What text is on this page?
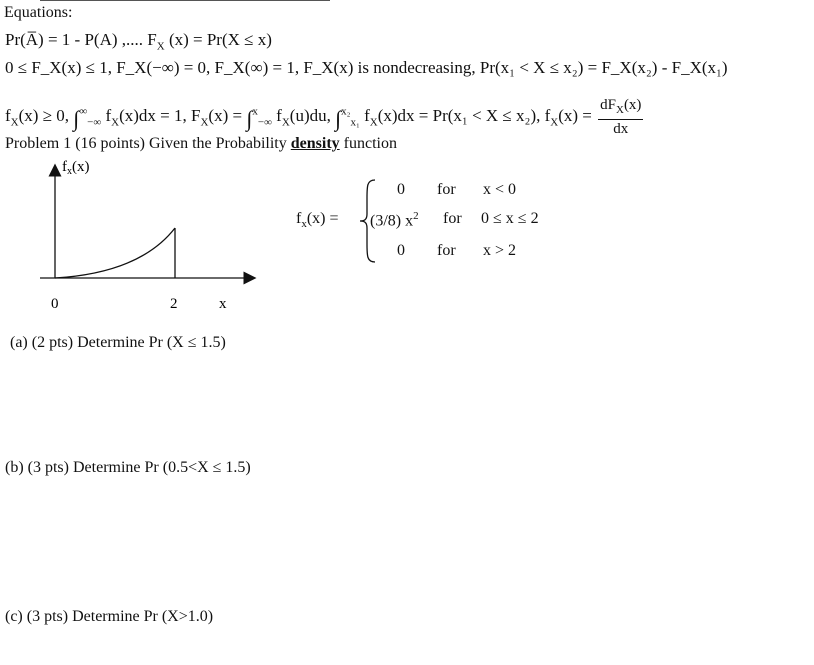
Equations:
Pr(A̅) = 1 - P(A) ,.... $F_X$ (x) = Pr(X ≤ x)
0 ≤ F_X(x) ≤ 1, F_X(−∞) = 0, F_X(∞) = 1, F_X(x) is nondecreasing, Pr(x₁ < X ≤ x₂) = F_X(x₂) - F_X(x₁)
$f_X(x) \ge 0$, $\int^\infty_{-\infty}$ $f_X(x)dx = 1$, $F_X(x) = \int^x_{-\infty}$ $f_X(u)du$, ∫$^{x_2}_{x_1}$ $f_X(x)dx = Pr(x_1 < X \le x_2)$, $f_X(x) = \frac{dF_X(x)}{dx}$
Problem 1 (16 points) Given the Probability density function
$f_x(x)$
0	2	x
$f_x(x)$ =
0 for x < 0
(3/8) $x^2$ for 0 ≤ x ≤ 2
0 for x > 2
(a) (2 pts) Determine Pr (X ≤ 1.5)
(b) (3 pts) Determine Pr (0.5<X ≤ 1.5)
(c) (3 pts) Determine Pr (X>1.0)
